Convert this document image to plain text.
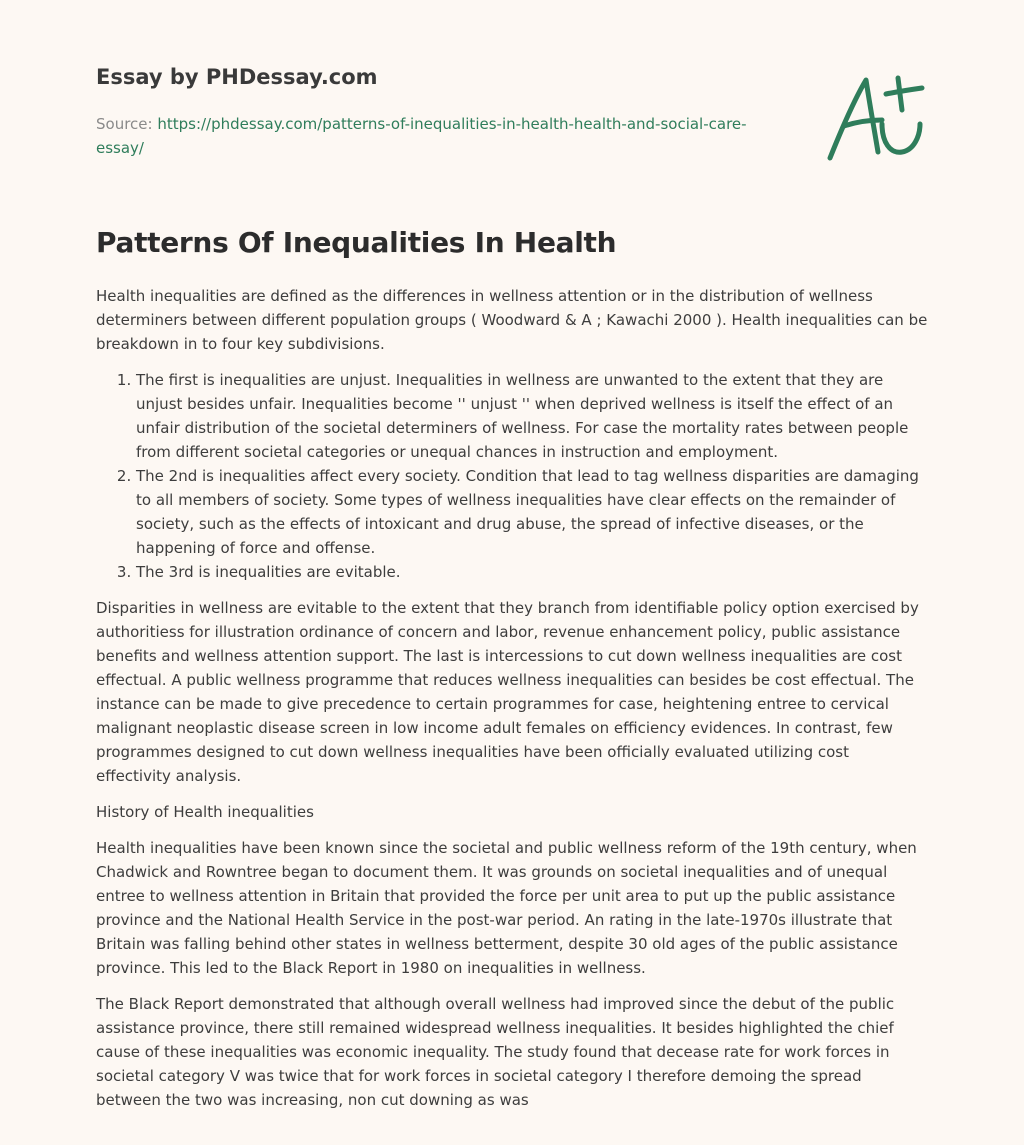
Essay by PHDessay.com
Source: https://phdessay.com/patterns-of-inequalities-in-health-health-and-social-care-essay/
Patterns Of Inequalities In Health

Health inequalities are defined as the differences in wellness attention or in the distribution of wellness determiners between different population groups ( Woodward & A ; Kawachi 2000 ). Health inequalities can be breakdown in to four key subdivisions.

1. The first is inequalities are unjust. Inequalities in wellness are unwanted to the extent that they are unjust besides unfair. Inequalities become '' unjust '' when deprived wellness is itself the effect of an unfair distribution of the societal determiners of wellness. For case the mortality rates between people from different societal categories or unequal chances in instruction and employment.
2. The 2nd is inequalities affect every society. Condition that lead to tag wellness disparities are damaging to all members of society. Some types of wellness inequalities have clear effects on the remainder of society, such as the effects of intoxicant and drug abuse, the spread of infective diseases, or the happening of force and offense.
3. The 3rd is inequalities are evitable.

Disparities in wellness are evitable to the extent that they branch from identifiable policy option exercised by authoritiess for illustration ordinance of concern and labor, revenue enhancement policy, public assistance benefits and wellness attention support. The last is intercessions to cut down wellness inequalities are cost effectual. A public wellness programme that reduces wellness inequalities can besides be cost effectual. The instance can be made to give precedence to certain programmes for case, heightening entree to cervical malignant neoplastic disease screen in low income adult females on efficiency evidences. In contrast, few programmes designed to cut down wellness inequalities have been officially evaluated utilizing cost effectivity analysis.

History of Health inequalities

Health inequalities have been known since the societal and public wellness reform of the 19th century, when Chadwick and Rowntree began to document them. It was grounds on societal inequalities and of unequal entree to wellness attention in Britain that provided the force per unit area to put up the public assistance province and the National Health Service in the post-war period. An rating in the late-1970s illustrate that Britain was falling behind other states in wellness betterment, despite 30 old ages of the public assistance province. This led to the Black Report in 1980 on inequalities in wellness.

The Black Report demonstrated that although overall wellness had improved since the debut of the public assistance province, there still remained widespread wellness inequalities. It besides highlighted the chief cause of these inequalities was economic inequality. The study found that decease rate for work forces in societal category V was twice that for work forces in societal category I therefore demoing the spread between the two was increasing, non cut downing as was
